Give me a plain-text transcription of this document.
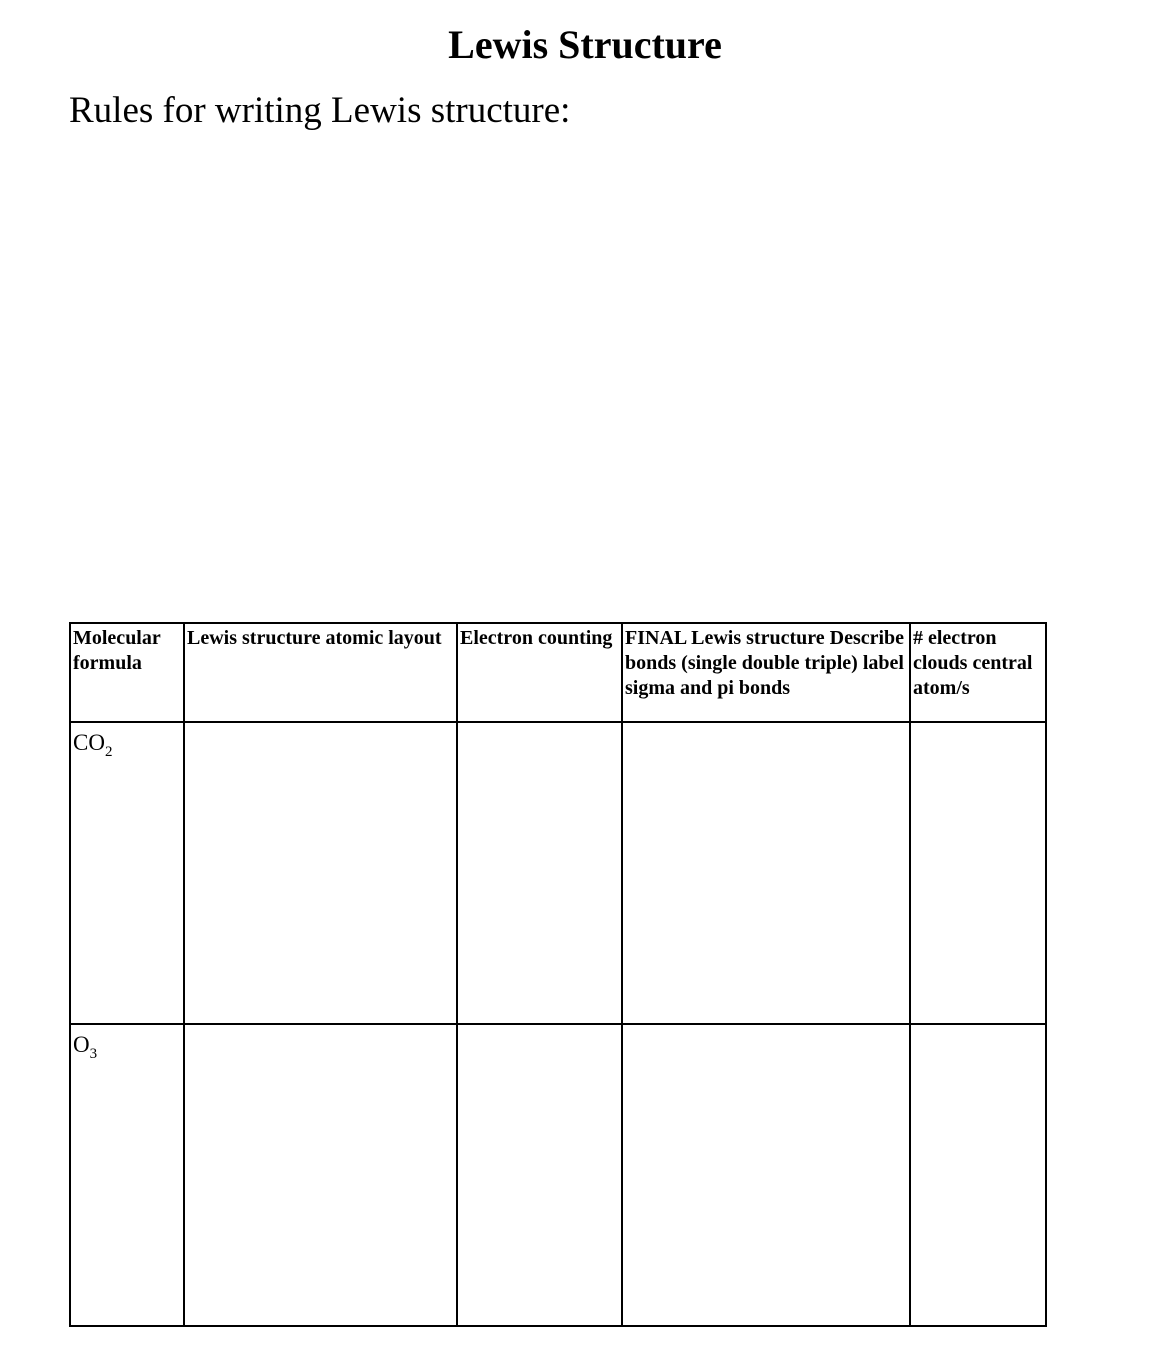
Lewis Structure
Rules for writing Lewis structure:
Molecular formula	Lewis structure atomic layout	Electron counting	FINAL Lewis structure Describe bonds (single double triple) label sigma and pi bonds	# electron clouds central atom/s
$CO_2$				
$O_3$				
